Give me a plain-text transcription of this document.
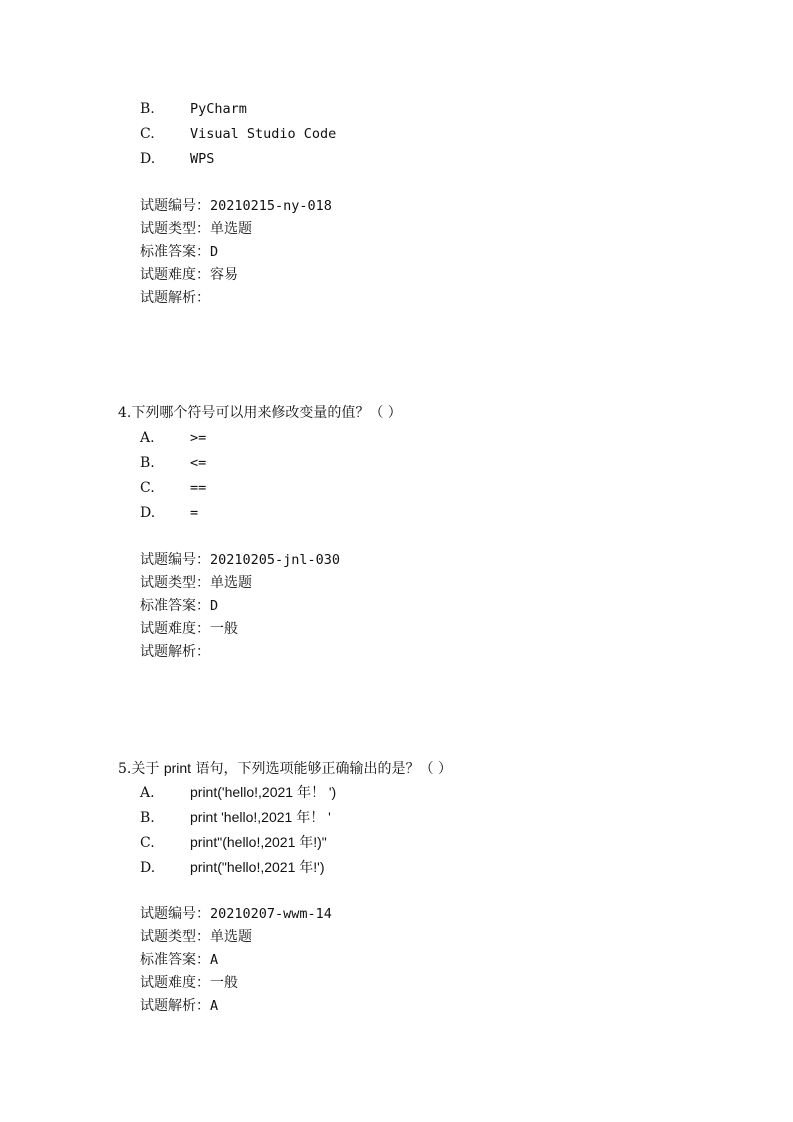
B.	PyCharm
C.	Visual Studio Code
D.	WPS
试题编号：20210215-ny-018
试题类型：单选题
标准答案：D
试题难度：容易
试题解析：
4.下列哪个符号可以用来修改变量的值？（ ）
A.	>=
B.	<=
C.	==
D.	=
试题编号：20210205-jnl-030
试题类型：单选题
标准答案：D
试题难度：一般
试题解析：
5.关于 print 语句，下列选项能够正确输出的是？（ ）
A.	print('hello!,2021 年！ ')
B.	print 'hello!,2021 年！ '
C.	print"(hello!,2021 年!)"
D. print("hello!,2021 年!')
试题编号：20210207-wwm-14
试题类型：单选题
标准答案：A
试题难度：一般
试题解析：A
